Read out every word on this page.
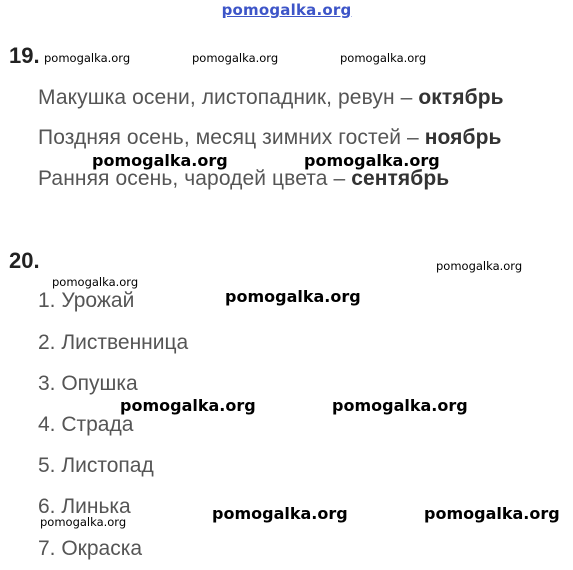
pomogalka.org
19.
Макушка осени, листопадник, ревун – октябрь
Поздняя осень, месяц зимних гостей – ноябрь
Ранняя осень, чародей цвета – сентябрь
20.
1. Урожай
2. Лиственница
3. Опушка
4. Страда
5. Листопад
6. Линька
7. Окраска
pomogalka.org	pomogalka.org	pomogalka.org
pomogalka.org	pomogalka.org
pomogalka.org
pomogalka.org
pomogalka.org
pomogalka.org	pomogalka.org
pomogalka.org	pomogalka.org
pomogalka.org
